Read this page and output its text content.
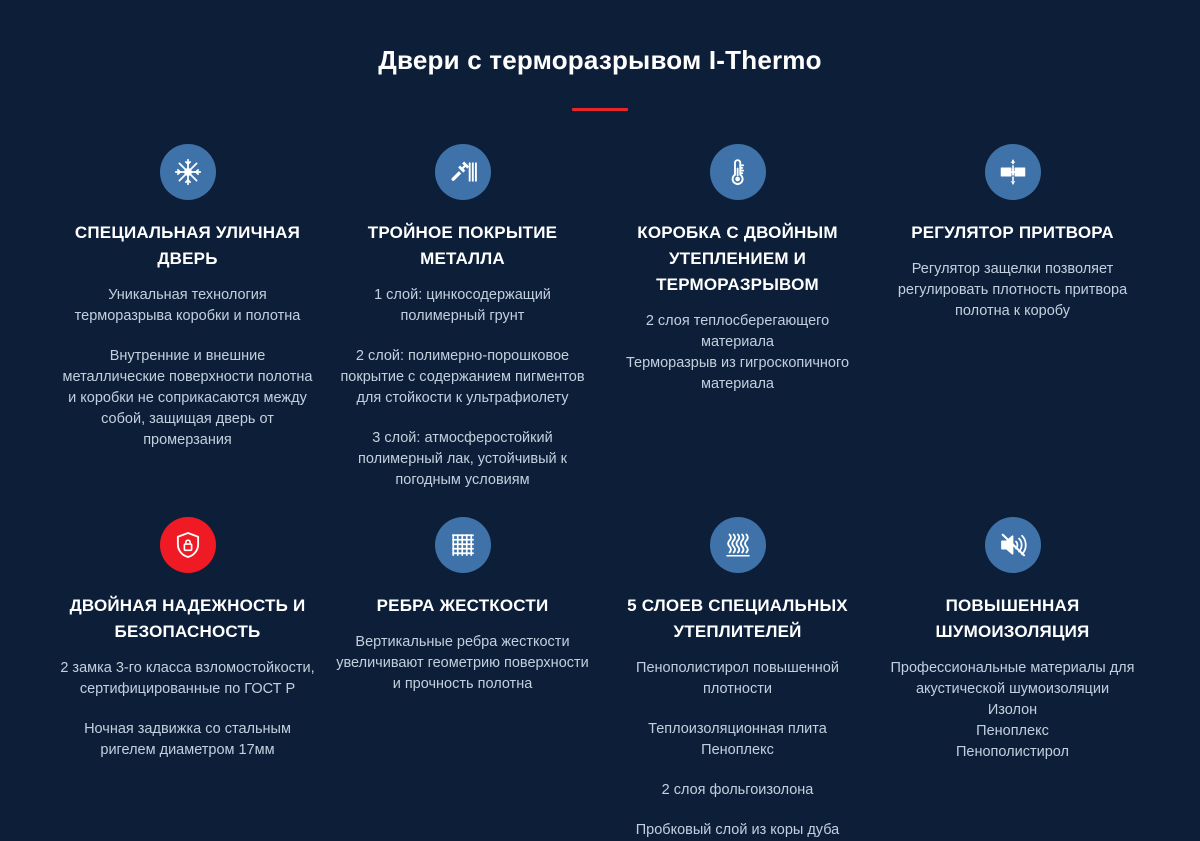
Двери с терморазрывом I-Thermo
СПЕЦИАЛЬНАЯ УЛИЧНАЯ ДВЕРЬ

Уникальная технология терморазрыва коробки и полотна

Внутренние и внешние металлические поверхности полотна и коробки не соприкасаются между собой, защищая дверь от промерзания

ТРОЙНОЕ ПОКРЫТИЕ МЕТАЛЛА

1 слой: цинкосодержащий полимерный грунт

2 слой: полимерно-порошковое покрытие с содержанием пигментов для стойкости к ультрафиолету

3 слой: атмосферостойкий полимерный лак, устойчивый к погодным условиям

КОРОБКА С ДВОЙНЫМ УТЕПЛЕНИЕМ И ТЕРМОРАЗРЫВОМ

2 слоя теплосберегающего материала
Терморазрыв из гигроскопичного материала

РЕГУЛЯТОР ПРИТВОРА

Регулятор защелки позволяет регулировать плотность притвора полотна к коробу

ДВОЙНАЯ НАДЕЖНОСТЬ И БЕЗОПАСНОСТЬ

2 замка 3-го класса взломостойкости, сертифицированные по ГОСТ Р

Ночная задвижка со стальным ригелем диаметром 17мм

РЕБРА ЖЕСТКОСТИ

Вертикальные ребра жесткости увеличивают геометрию поверхности и прочность полотна

5 СЛОЕВ СПЕЦИАЛЬНЫХ УТЕПЛИТЕЛЕЙ

Пенополистирол повышенной плотности

Теплоизоляционная плита Пеноплекс

2 слоя фольгоизолона

Пробковый слой из коры дуба

ПОВЫШЕННАЯ ШУМОИЗОЛЯЦИЯ

Профессиональные материалы для акустической шумоизоляции
Изолон
Пеноплекс
Пенополистирол
